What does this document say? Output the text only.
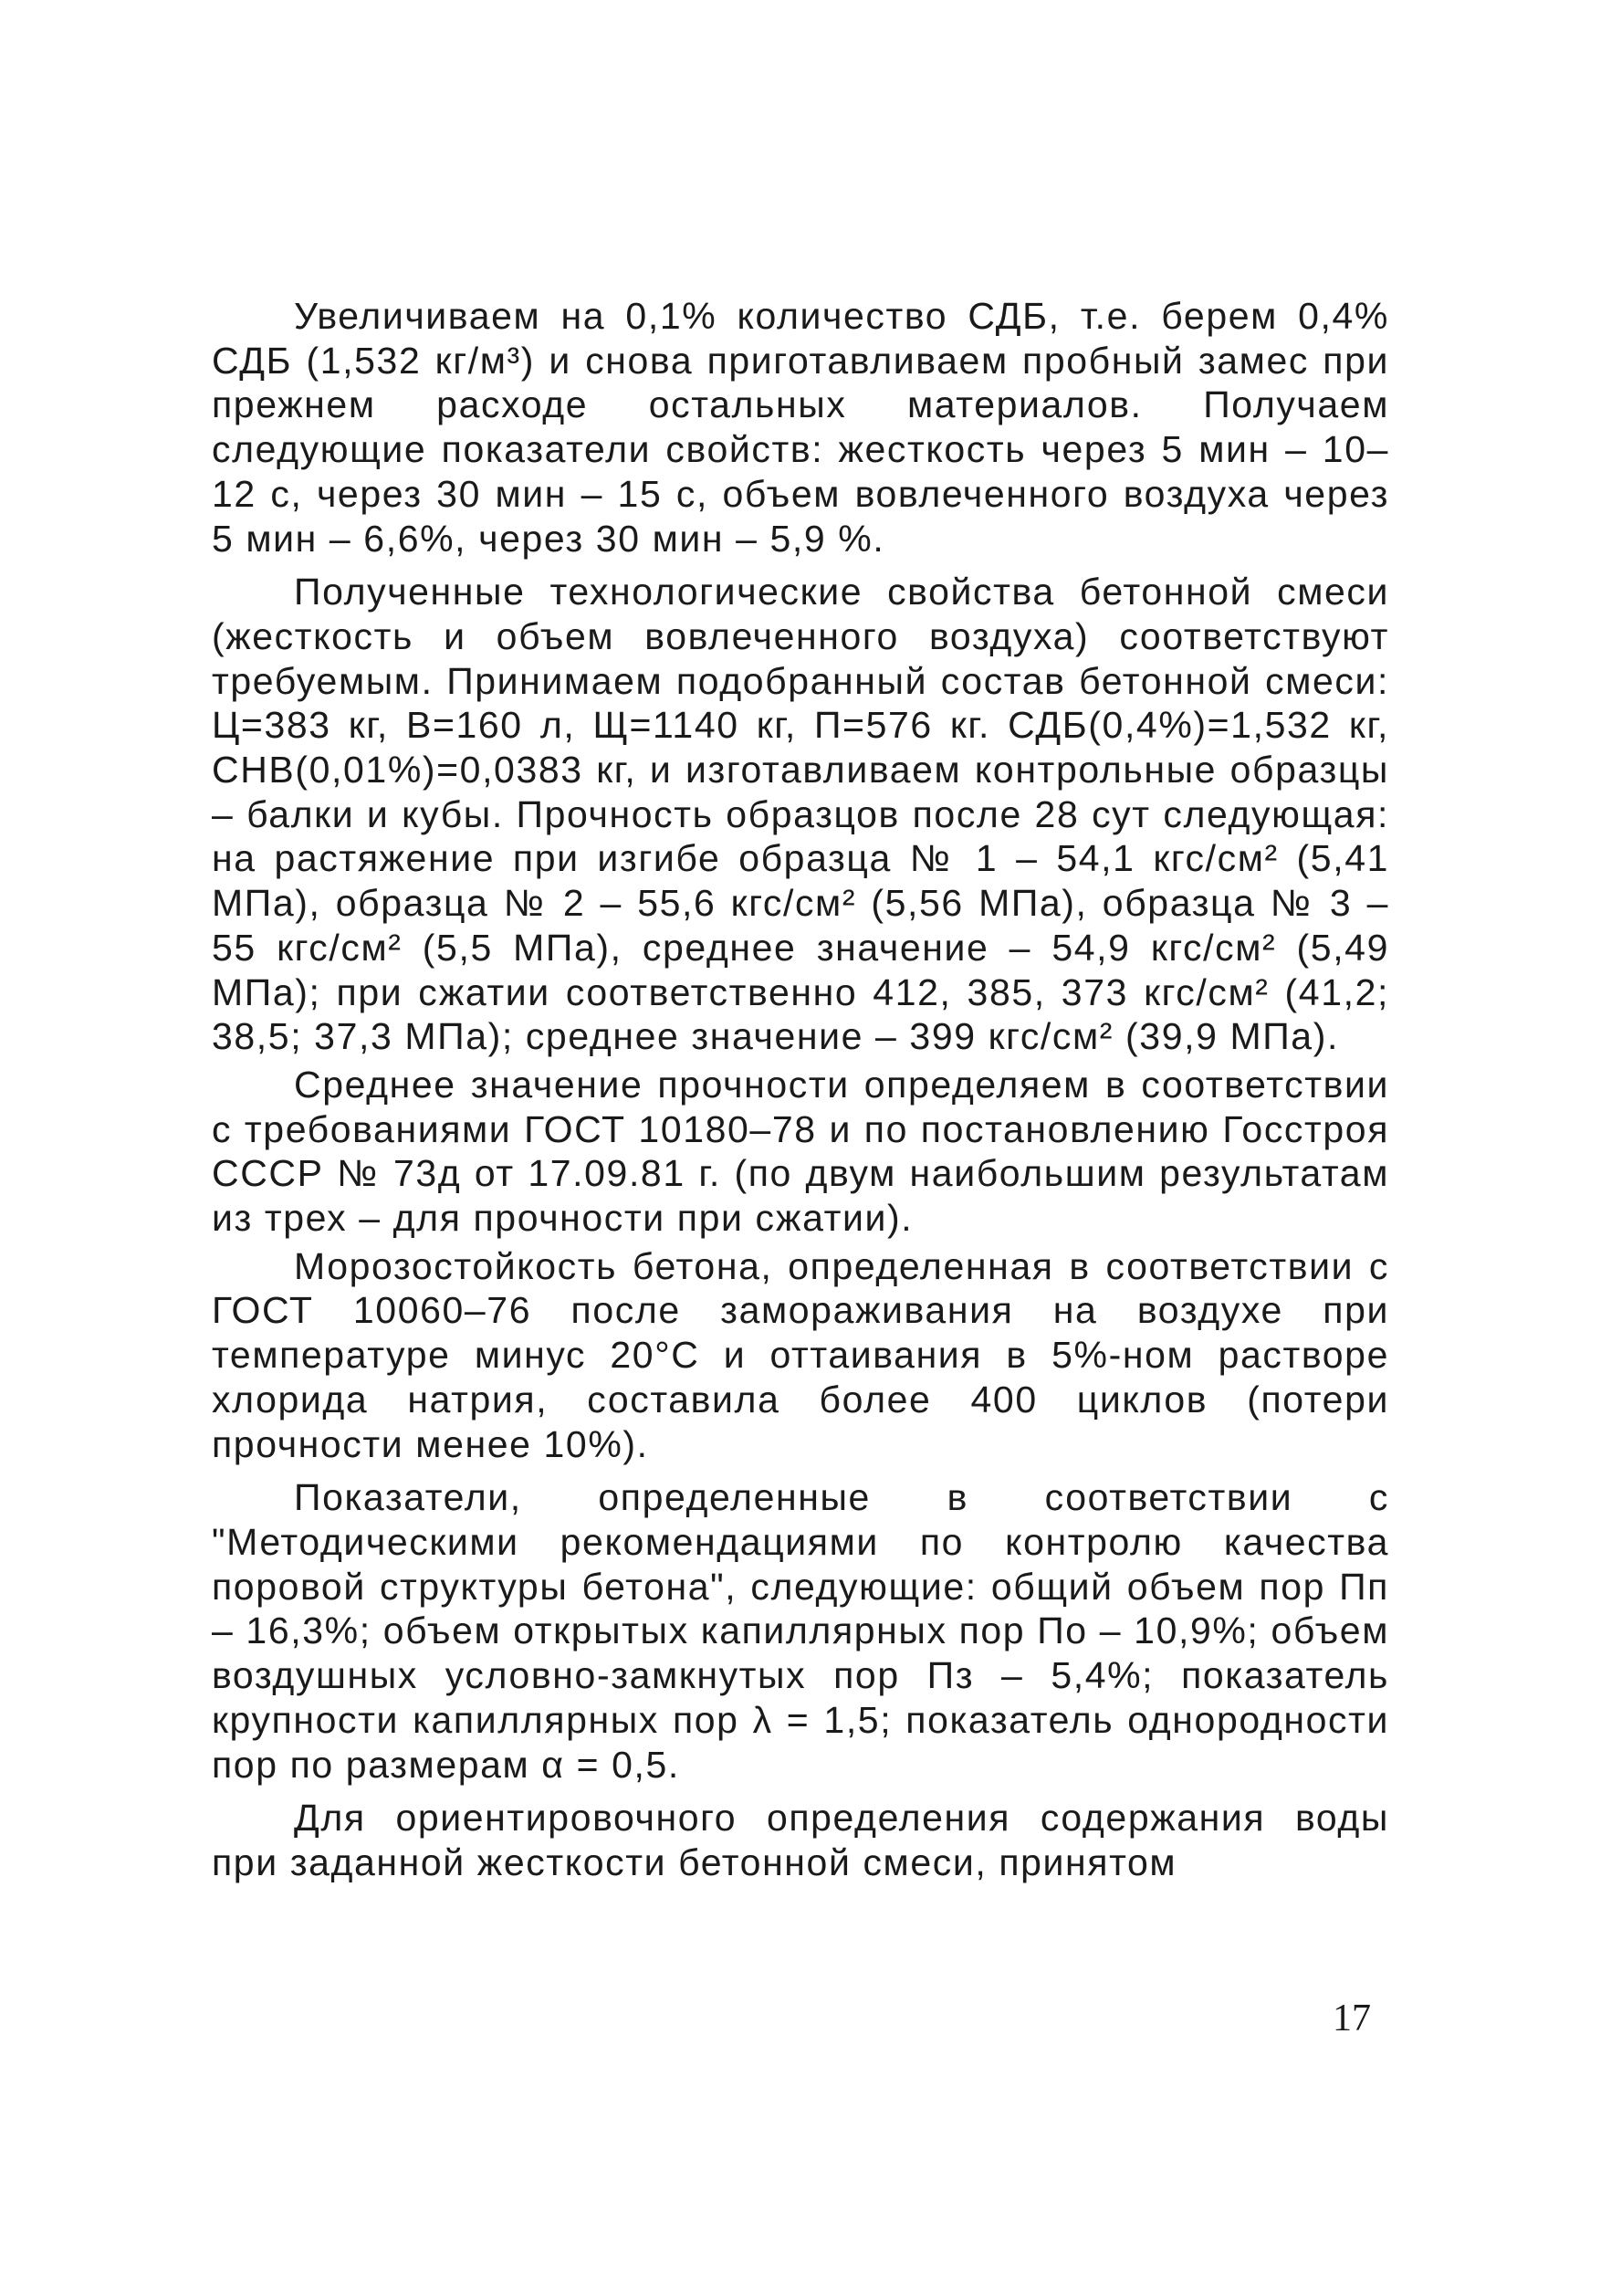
Увеличиваем на 0,1% количество СДБ, т.е. берем 0,4% СДБ (1,532 кг/м³) и снова приготавливаем пробный замес при прежнем расходе остальных материалов. Получаем следующие показатели свойств: жесткость через 5 мин – 10–12 с, через 30 мин – 15 с, объем вовлеченного воздуха через 5 мин – 6,6%, через 30 мин – 5,9 %.

Полученные технологические свойства бетонной смеси (жесткость и объем вовлеченного воздуха) соответствуют требуемым. Принимаем подобранный состав бетонной смеси: Ц=383 кг, В=160 л, Щ=1140 кг, П=576 кг. СДБ(0,4%)=1,532 кг, СНВ(0,01%)=0,0383 кг, и изготавливаем контрольные образцы – балки и кубы. Прочность образцов после 28 сут следующая: на растяжение при изгибе образца № 1 – 54,1 кгс/см² (5,41 МПа), образца № 2 – 55,6 кгс/см² (5,56 МПа), образца № 3 – 55 кгс/см² (5,5 МПа), среднее значение – 54,9 кгс/см² (5,49 МПа); при сжатии соответственно 412, 385, 373 кгс/см² (41,2; 38,5; 37,3 МПа); среднее значение – 399 кгс/см² (39,9 МПа).

Среднее значение прочности определяем в соответствии с требованиями ГОСТ 10180–78 и по постановлению Госстроя СССР № 73д от 17.09.81 г. (по двум наибольшим результатам из трех – для прочности при сжатии).

Морозостойкость бетона, определенная в соответствии с ГОСТ 10060–76 после замораживания на воздухе при температуре минус 20°С и оттаивания в 5%-ном растворе хлорида натрия, составила более 400 циклов (потери прочности менее 10%).

Показатели, определенные в соответствии с "Методическими рекомендациями по контролю качества поровой структуры бетона", следующие: общий объем пор Пп – 16,3%; объем открытых капиллярных пор По – 10,9%; объем воздушных условно-замкнутых пор Пз – 5,4%; показатель крупности капиллярных пор λ = 1,5; показатель однородности пор по размерам α = 0,5.

Для ориентировочного определения содержания воды при заданной жесткости бетонной смеси, принятом

17
